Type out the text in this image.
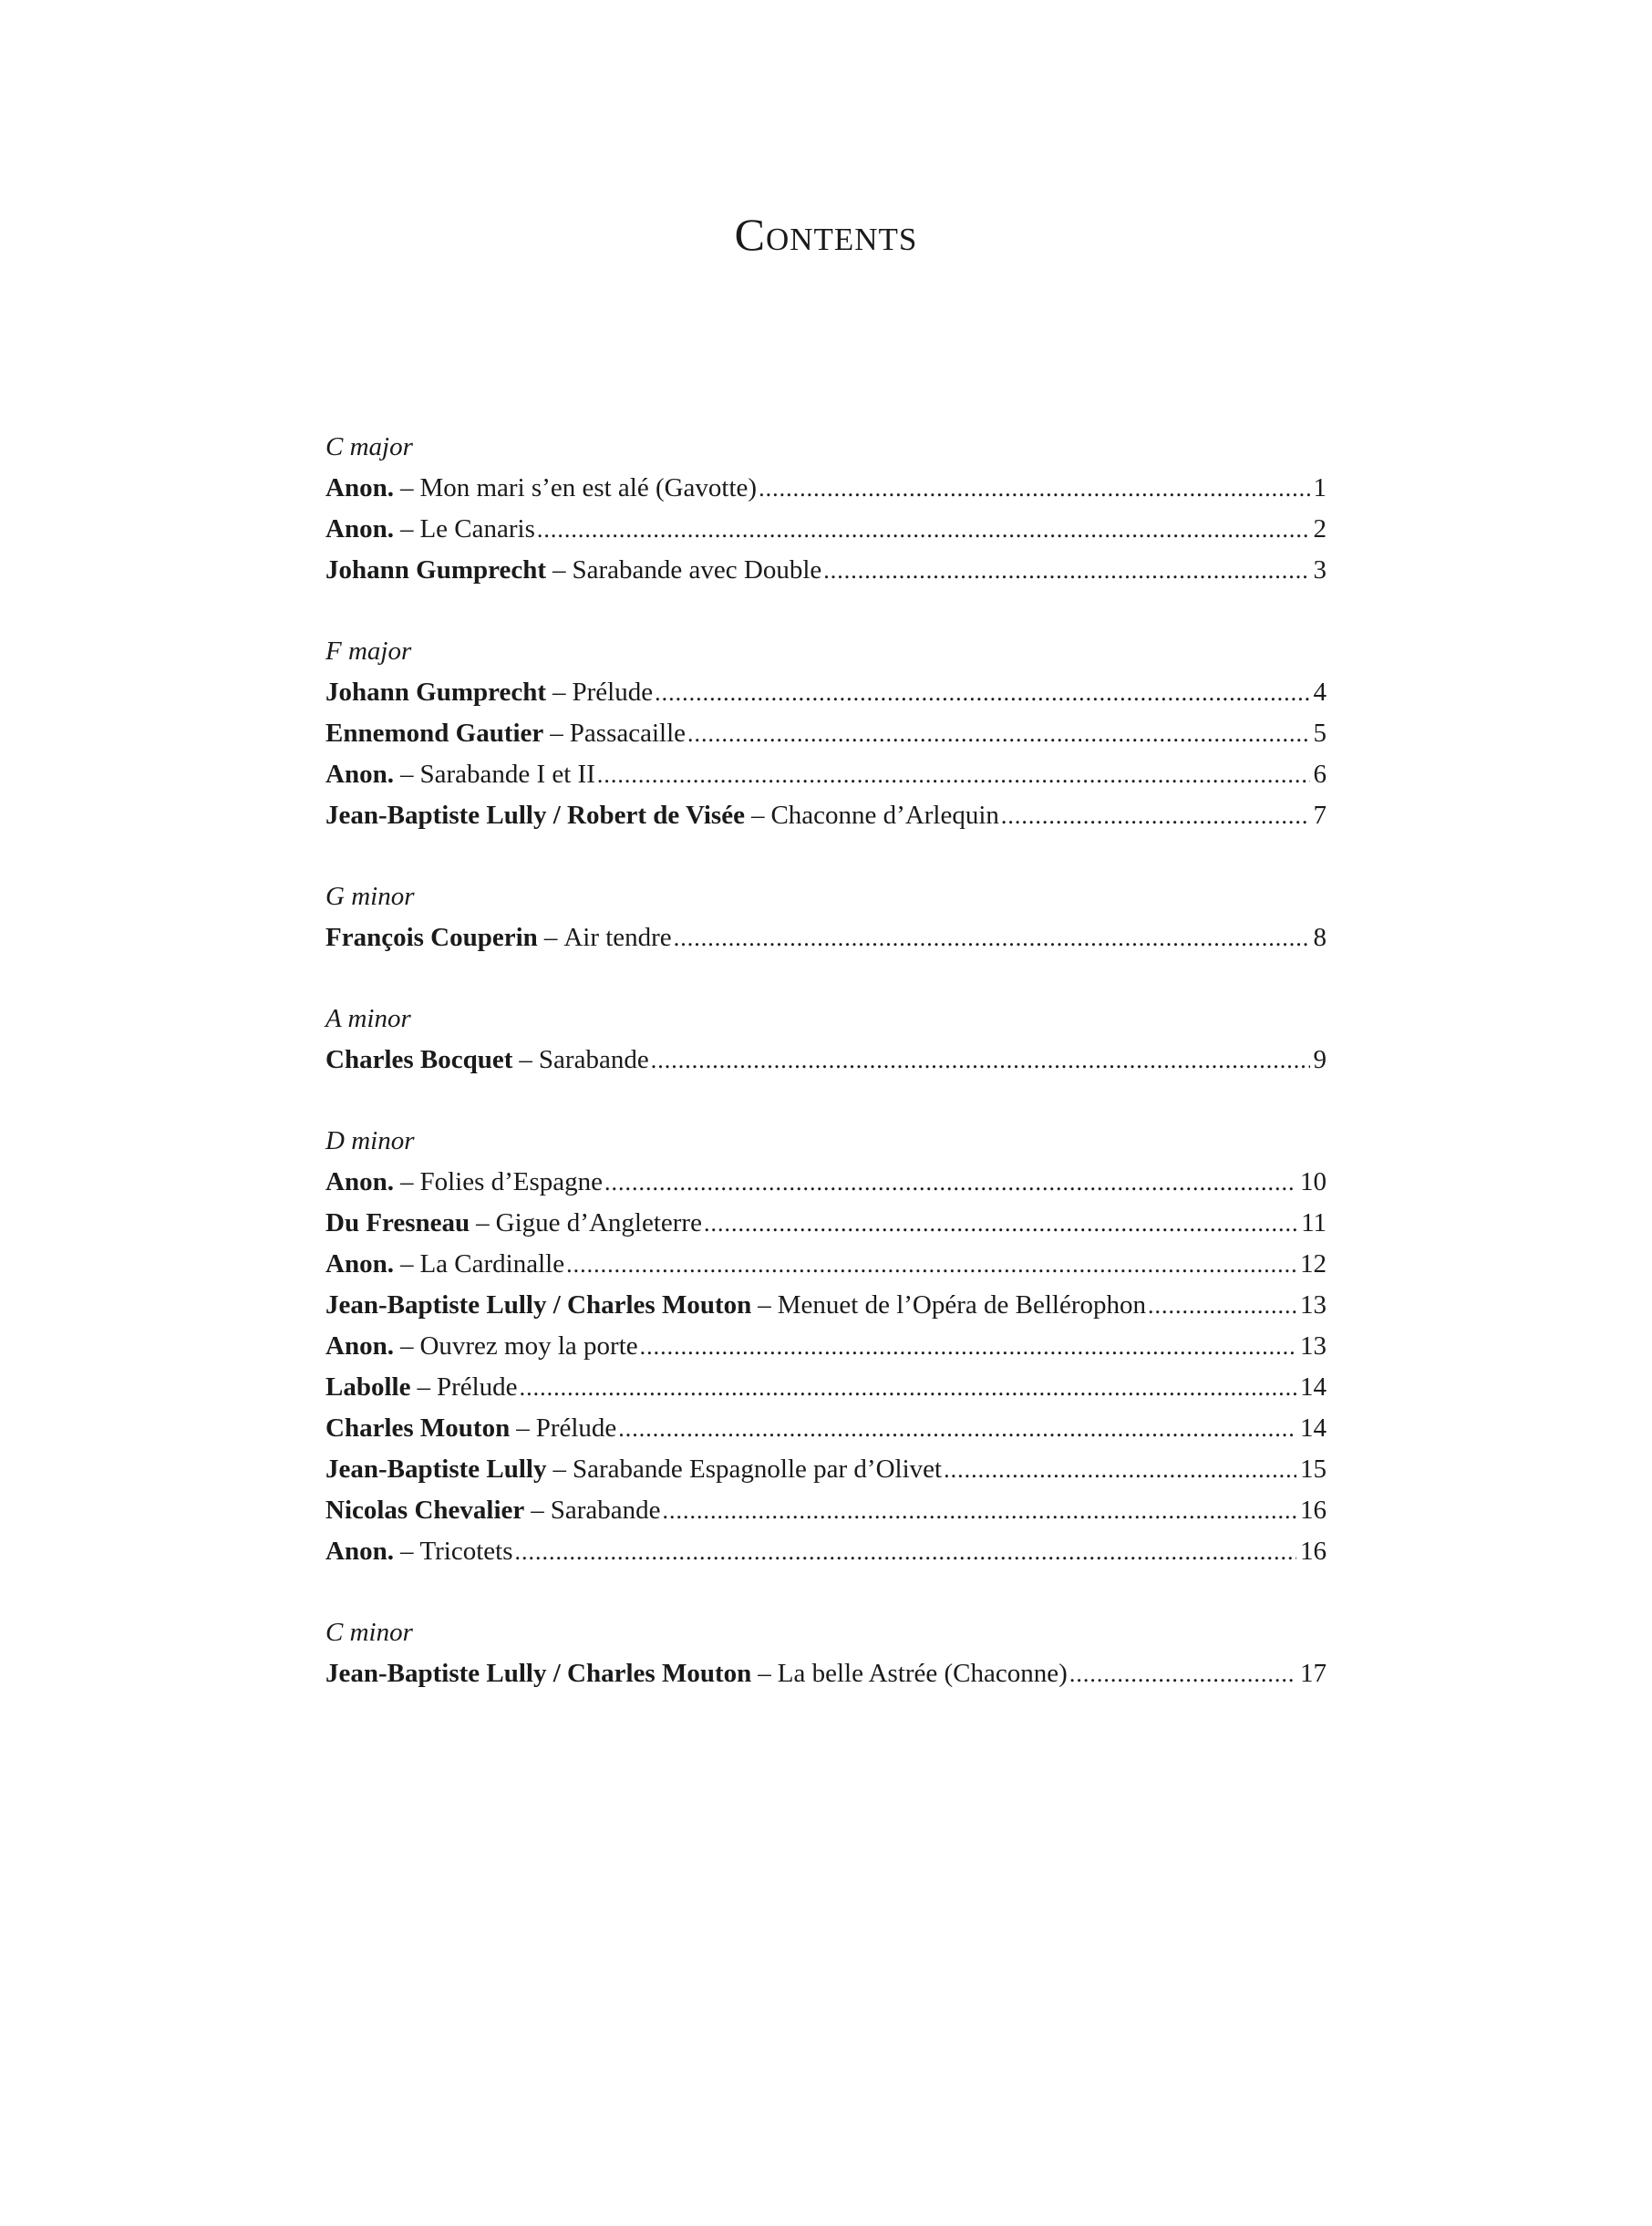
Contents
C major
Anon. – Mon mari s’en est alé (Gavotte) .....	1
Anon. – Le Canaris .....	2
Johann Gumprecht – Sarabande avec Double .....	3
F major
Johann Gumprecht – Prélude .....	4
Ennemond Gautier – Passacaille .....	5
Anon. – Sarabande I et II .....	6
Jean-Baptiste Lully / Robert de Visée – Chaconne d’Arlequin .....	7
G minor
François Couperin – Air tendre .....	8
A minor
Charles Bocquet – Sarabande .....	9
D minor
Anon. – Folies d’Espagne .....	10
Du Fresneau – Gigue d’Angleterre .....	11
Anon. – La Cardinalle .....	12
Jean-Baptiste Lully / Charles Mouton – Menuet de l’Opéra de Bellérophon .....	13
Anon. – Ouvrez moy la porte .....	13
Labolle – Prélude .....	14
Charles Mouton – Prélude .....	14
Jean-Baptiste Lully – Sarabande Espagnolle par d’Olivet .....	15
Nicolas Chevalier – Sarabande .....	16
Anon. – Tricotets .....	16
C minor
Jean-Baptiste Lully / Charles Mouton – La belle Astrée (Chaconne) .....	17
